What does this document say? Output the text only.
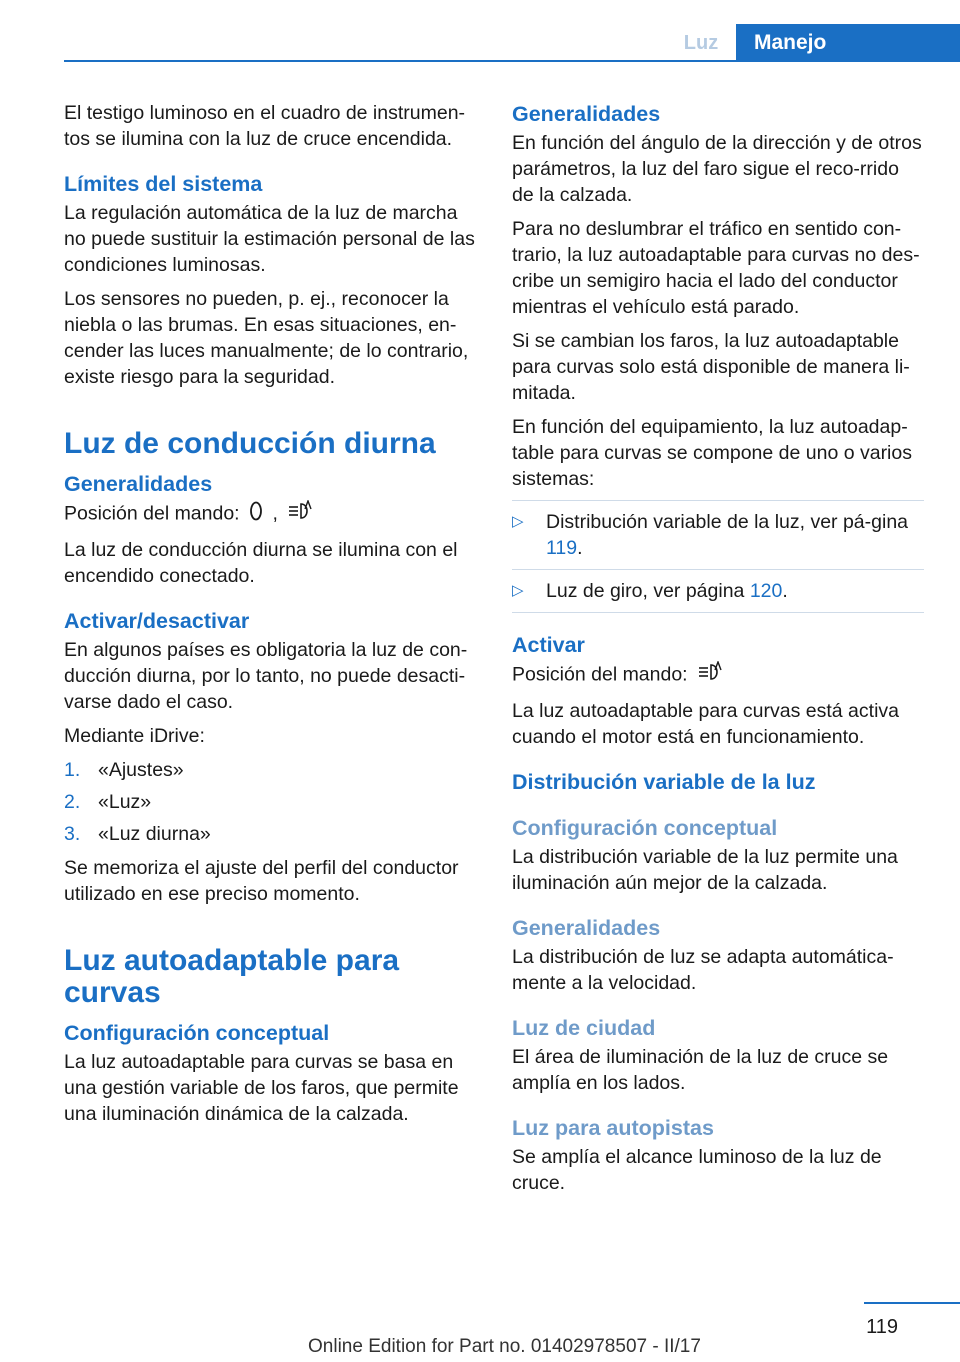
Luz	Manejo

El testigo luminoso en el cuadro de instrumen-tos se ilumina con la luz de cruce encendida.

Límites del sistema

La regulación automática de la luz de marcha no puede sustituir la estimación personal de las condiciones luminosas.

Los sensores no pueden, p. ej., reconocer la niebla o las brumas. En esas situaciones, en-cender las luces manualmente; de lo contrario, existe riesgo para la seguridad.

Luz de conducción diurna
Generalidades

Posición del mando: ,

La luz de conducción diurna se ilumina con el encendido conectado.

Activar/desactivar

En algunos países es obligatoria la luz de con-ducción diurna, por lo tanto, no puede desacti-varse dado el caso.

Mediante iDrive:

1. «Ajustes»
2. «Luz»
3. «Luz diurna»

Se memoriza el ajuste del perfil del conductor utilizado en ese preciso momento.

Luz autoadaptable para curvas
Configuración conceptual

La luz autoadaptable para curvas se basa en una gestión variable de los faros, que permite una iluminación dinámica de la calzada.

Generalidades

En función del ángulo de la dirección y de otros parámetros, la luz del faro sigue el reco-rrido de la calzada.

Para no deslumbrar el tráfico en sentido con-trario, la luz autoadaptable para curvas no des-cribe un semigiro hacia el lado del conductor mientras el vehículo está parado.

Si se cambian los faros, la luz autoadaptable para curvas solo está disponible de manera li-mitada.

En función del equipamiento, la luz autoadap-table para curvas se compone de uno o varios sistemas:

▷	Distribución variable de la luz, ver pá-gina 119.
▷	Luz de giro, ver página 120.
Activar

Posición del mando:

La luz autoadaptable para curvas está activa cuando el motor está en funcionamiento.

Distribución variable de la luz
Configuración conceptual

La distribución variable de la luz permite una iluminación aún mejor de la calzada.

Generalidades

La distribución de luz se adapta automática-mente a la velocidad.

Luz de ciudad

El área de iluminación de la luz de cruce se amplía en los lados.

Luz para autopistas

Se amplía el alcance luminoso de la luz de cruce.

119
Online Edition for Part no. 01402978507 - II/17
